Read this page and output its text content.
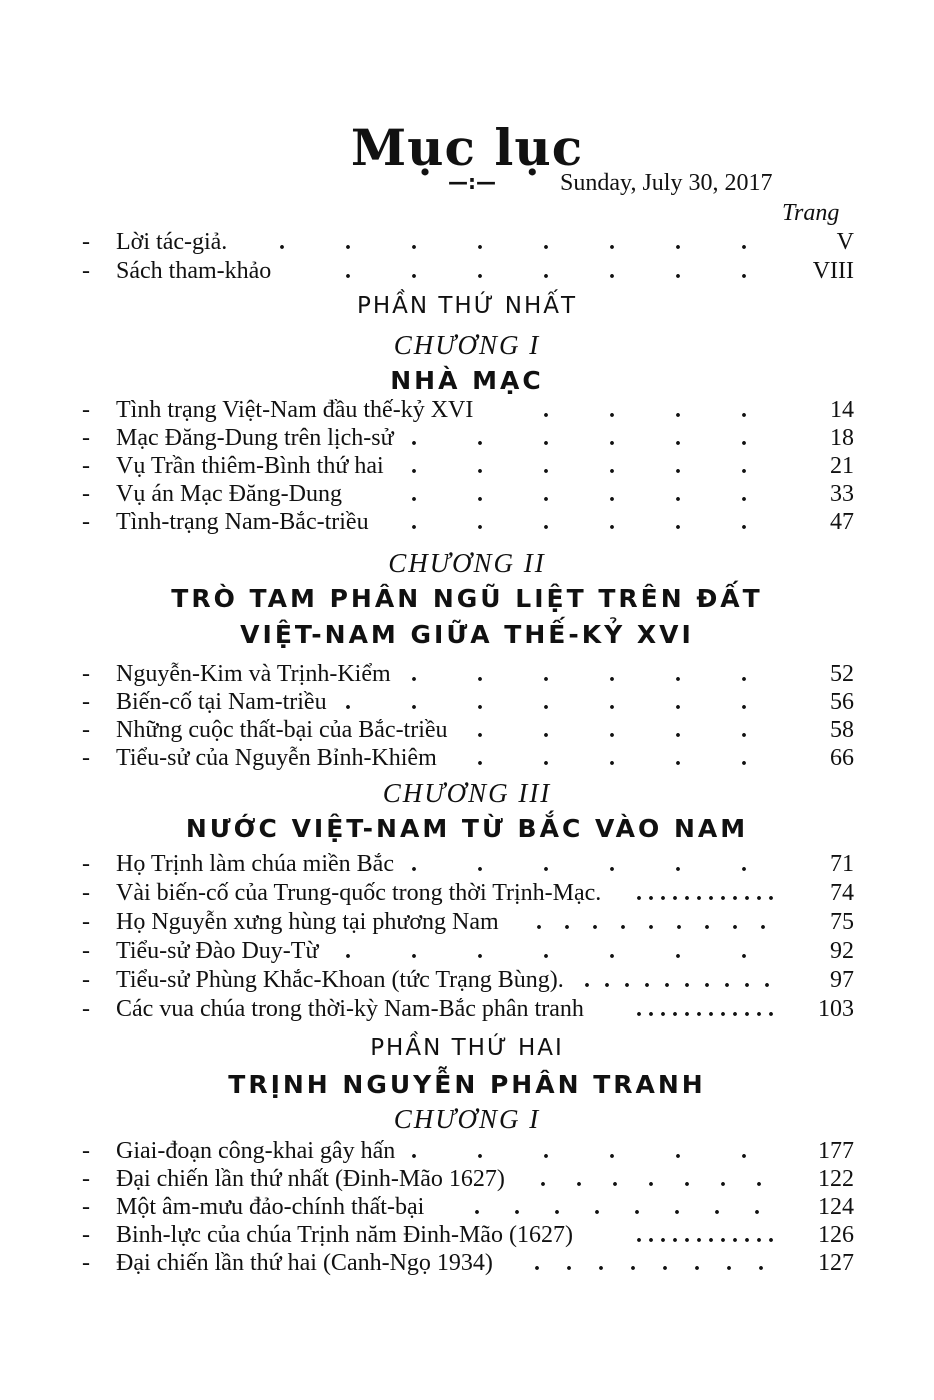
Mục lục
—:—	Sunday, July 30, 2017
Trang
-	Lời tác-giả. . . . . . . . .	V
-	Sách tham-khảo	. . . . . . .	VIII
PHẦN THỨ NHẤT
CHƯƠNG I
NHÀ MẠC
-	Tình trạng Việt-Nam đầu thế-kỷ XVI	. . . .	14
-	Mạc Đăng-Dung trên lịch-sử . . . . . .	18
-	Vụ Trần thiêm-Bình thứ hai . . . . . .	21
-	Vụ án Mạc Đăng-Dung	. . . . . .	33
-	Tình-trạng Nam-Bắc-triều . . . . . .	47
CHƯƠNG II
TRÒ TAM PHÂN NGŨ LIỆT TRÊN ĐẤT
VIỆT-NAM GIỮA THẾ-KỶ XVI
-	Nguyễn-Kim và Trịnh-Kiểm . . . . . .	52
-	Biến-cố tại Nam-triều . . . . . . .	56
-	Những cuộc thất-bại của Bắc-triều . . . . .	58
-	Tiểu-sử của Nguyễn Bỉnh-Khiêm . . . . .	66
CHƯƠNG III
NƯỚC VIỆT-NAM TỪ BẮC VÀO NAM
-	Họ Trịnh làm chúa miền Bắc . . . . . .	71
-	Vài biến-cố của Trung-quốc trong thời Trịnh-Mạc. . . . . . . . . . . . .	74
-	Họ Nguyễn xưng hùng tại phương Nam . . . . . . . . .	75
-	Tiểu-sử Đào Duy-Từ . . . . . . .	92
-	Tiểu-sử Phùng Khắc-Khoan (tức Trạng Bùng). . . . . . . . . . .	97
-	Các vua chúa trong thời-kỳ Nam-Bắc phân tranh . . . . . . . . . . . .	103
PHẦN THỨ HAI
TRỊNH NGUYỄN PHÂN TRANH
CHƯƠNG I
-	Giai-đoạn công-khai gây hấn . . . . . .	177
-	Đại chiến lần thứ nhất (Đinh-Mão 1627) . . . . . . .	122
-	Một âm-mưu đảo-chính thất-bại . . . . . . . .	124
-	Binh-lực của chúa Trịnh năm Đinh-Mão (1627)	. . . . . . . . . . . .	126
-	Đại chiến lần thứ hai (Canh-Ngọ 1934) . . . . . . . .	127
